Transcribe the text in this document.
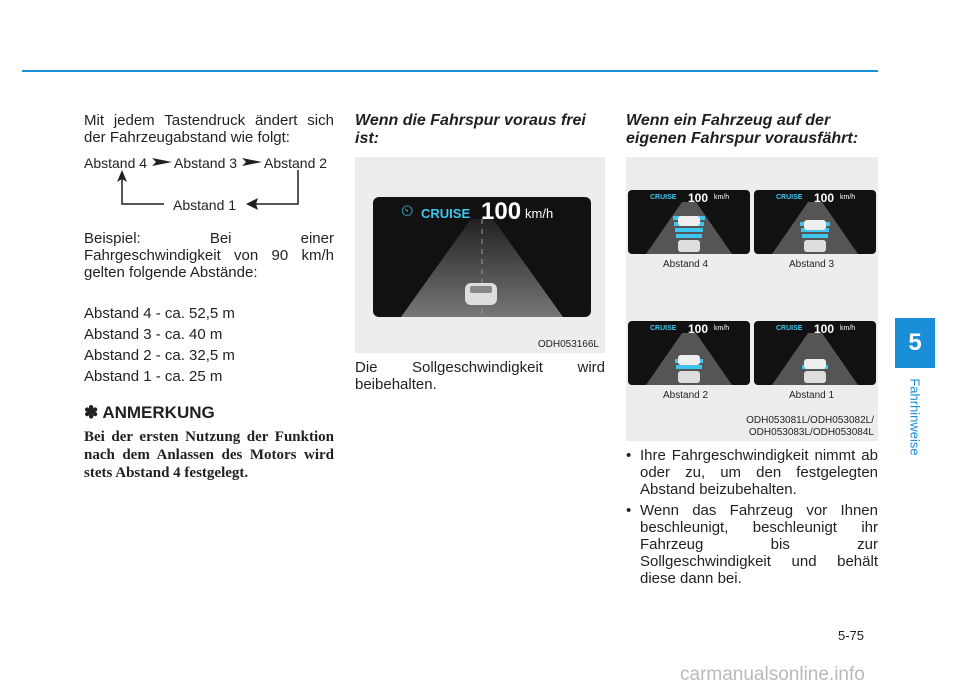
Mit jedem Tastendruck ändert sich der Fahrzeugabstand wie folgt:
Abstand 4 Abstand 3 Abstand 2
Abstand 1
Beispiel: Bei einer Fahrgeschwindigkeit von 90 km/h gelten folgende Abstände:
Abstand 4 - ca. 52,5 m
Abstand 3 - ca. 40 m
Abstand 2 - ca. 32,5 m
Abstand 1 - ca. 25 m
✽ ANMERKUNG
Bei der ersten Nutzung der Funktion nach dem Anlassen des Motors wird stets Abstand 4 festgelegt.
Wenn die Fahrspur voraus frei ist:
⏲ CRUISE 100 km/h
ODH053166L
Die Sollgeschwindigkeit wird beibehalten.
Wenn ein Fahrzeug auf der eigenen Fahrspur vorausfährt:
ODH053081L/ODH053082L/
ODH053083L/ODH053084L
CRUISE 100 km/h
Abstand 4
CRUISE 100 km/h
Abstand 3
CRUISE 100 km/h
Abstand 2
CRUISE 100 km/h
Abstand 1
• Ihre Fahrgeschwindigkeit nimmt ab oder zu, um den festgelegten Abstand beizubehalten.
• Wenn das Fahrzeug vor Ihnen beschleunigt, beschleunigt ihr Fahrzeug bis zur Sollgeschwindigkeit und behält diese dann bei.
5
Fahrhinweise
5-75
carmanualsonline.info
